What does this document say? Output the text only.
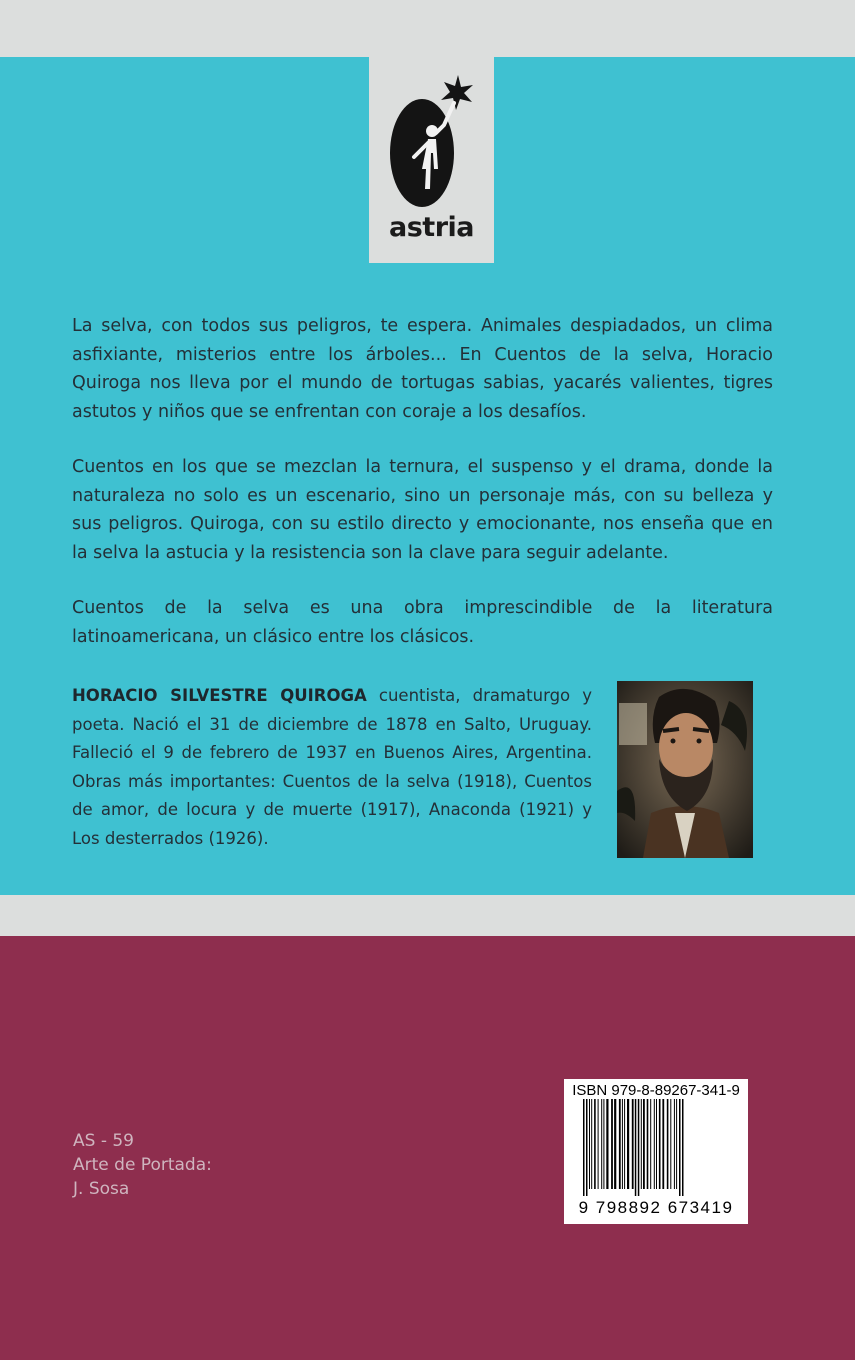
astria

La selva, con todos sus peligros, te espera. Animales despiadados, un clima asfixiante, misterios entre los árboles... En Cuentos de la selva, Horacio Quiroga nos lleva por el mundo de tortugas sabias, yacarés valientes, tigres astutos y niños que se enfrentan con coraje a los desafíos.

Cuentos en los que se mezclan la ternura, el suspenso y el drama, donde la naturaleza no solo es un escenario, sino un personaje más, con su belleza y sus peligros. Quiroga, con su estilo directo y emocionante, nos enseña que en la selva la astucia y la resistencia son la clave para seguir adelante.

Cuentos de la selva es una obra imprescindible de la literatura latinoamericana, un clásico entre los clásicos.

HORACIO SILVESTRE QUIROGA cuentista, dramaturgo y poeta. Nació el 31 de diciembre de 1878 en Salto, Uruguay. Falleció el 9 de febrero de 1937 en Buenos Aires, Argentina. Obras más importantes: Cuentos de la selva (1918), Cuentos de amor, de locura y de muerte (1917), Anaconda (1921) y Los desterrados (1926).
AS - 59
Arte de Portada:
J. Sosa
ISBN 979-8-89267-341-9
9 798892 673419
